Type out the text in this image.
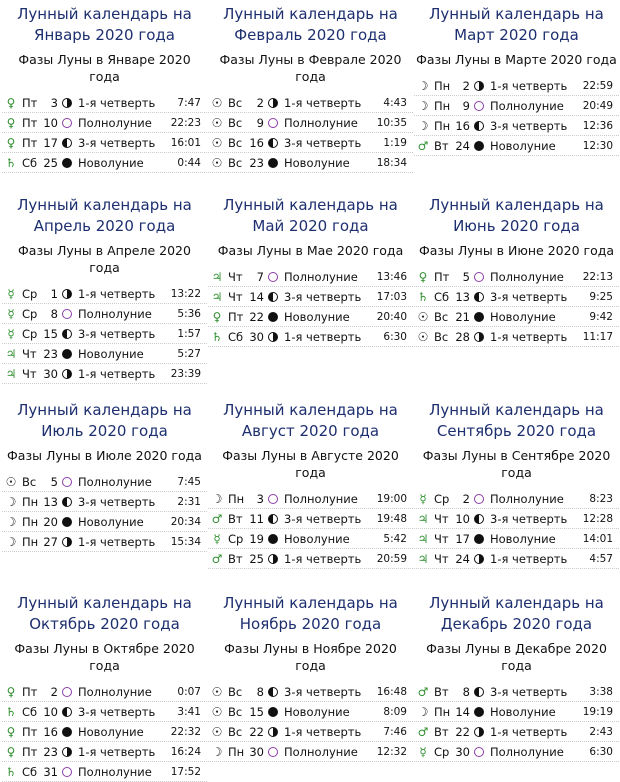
Лунный календарь на Январь 2020 года
Фазы Луны в Январе 2020 года
♀ Пт	3 1-я четверть 7:47
♀ Пт 10 Полнолуние 22:23
♀ Пт 17 3-я четверть 16:01
♄ Сб 25 Новолуние	0:44
Лунный календарь на Февраль 2020 года
Фазы Луны в Феврале 2020 года
☉ Вс	2 1-я четверть 4:43
☉ Вс	9 Полнолуние 10:35
☉ Вс 16 3-я четверть 1:19
☉ Вс 23 Новолуние	18:34
Лунный календарь на Март 2020 года
Фазы Луны в Марте 2020 года
☽ Пн	2 1-я четверть 22:59
☽ Пн	9 Полнолуние 20:49
☽ Пн 16 3-я четверть 12:36
♂ Вт 24 Новолуние	12:30
Лунный календарь на Апрель 2020 года
Фазы Луны в Апреле 2020 года
☿ Ср	1 1-я четверть 13:22
☿ Ср	8 Полнолуние 5:36
☿ Ср 15 3-я четверть 1:57
♃ Чт 23 Новолуние	5:27
♃ Чт 30 1-я четверть 23:39
Лунный календарь на Май 2020 года
Фазы Луны в Мае 2020 года
♃ Чт	7 Полнолуние 13:46
♃ Чт 14 3-я четверть 17:03
♀ Пт 22 Новолуние	20:40
♄ Сб 30 1-я четверть 6:30
Лунный календарь на Июнь 2020 года
Фазы Луны в Июне 2020 года
♀ Пт	5 Полнолуние 22:13
♄ Сб 13 3-я четверть 9:25
☉ Вс 21 Новолуние	9:42
☉ Вс 28 1-я четверть 11:17
Лунный календарь на Июль 2020 года
Фазы Луны в Июле 2020 года
☉ Вс	5 Полнолуние 7:45
☽ Пн 13 3-я четверть 2:31
☽ Пн 20 Новолуние	20:34
☽ Пн 27 1-я четверть 15:34
Лунный календарь на Август 2020 года
Фазы Луны в Августе 2020 года
☽ Пн	3 Полнолуние 19:00
♂ Вт 11 3-я четверть 19:48
☿ Ср 19 Новолуние	5:42
♂ Вт 25 1-я четверть 20:59
Лунный календарь на Сентябрь 2020 года
Фазы Луны в Сентябре 2020 года
☿ Ср	2 Полнолуние 8:23
♃ Чт 10 3-я четверть 12:28
♃ Чт 17 Новолуние	14:01
♃ Чт 24 1-я четверть 4:57
Лунный календарь на Октябрь 2020 года
Фазы Луны в Октябре 2020 года
♀ Пт	2 Полнолуние 0:07
♄ Сб 10 3-я четверть 3:41
♀ Пт 16 Новолуние	22:32
♀ Пт 23 1-я четверть 16:24
♄ Сб 31 Полнолуние 17:52
Лунный календарь на Ноябрь 2020 года
Фазы Луны в Ноябре 2020 года
☉ Вс	8 3-я четверть 16:48
☉ Вс 15 Новолуние	8:09
☉ Вс 22 1-я четверть 7:46
☽ Пн 30 Полнолуние 12:32
Лунный календарь на Декабрь 2020 года
Фазы Луны в Декабре 2020 года
♂ Вт	8 3-я четверть 3:38
☽ Пн 14 Новолуние	19:19
♂ Вт 22 1-я четверть 2:43
☿ Ср 30 Полнолуние 6:30
